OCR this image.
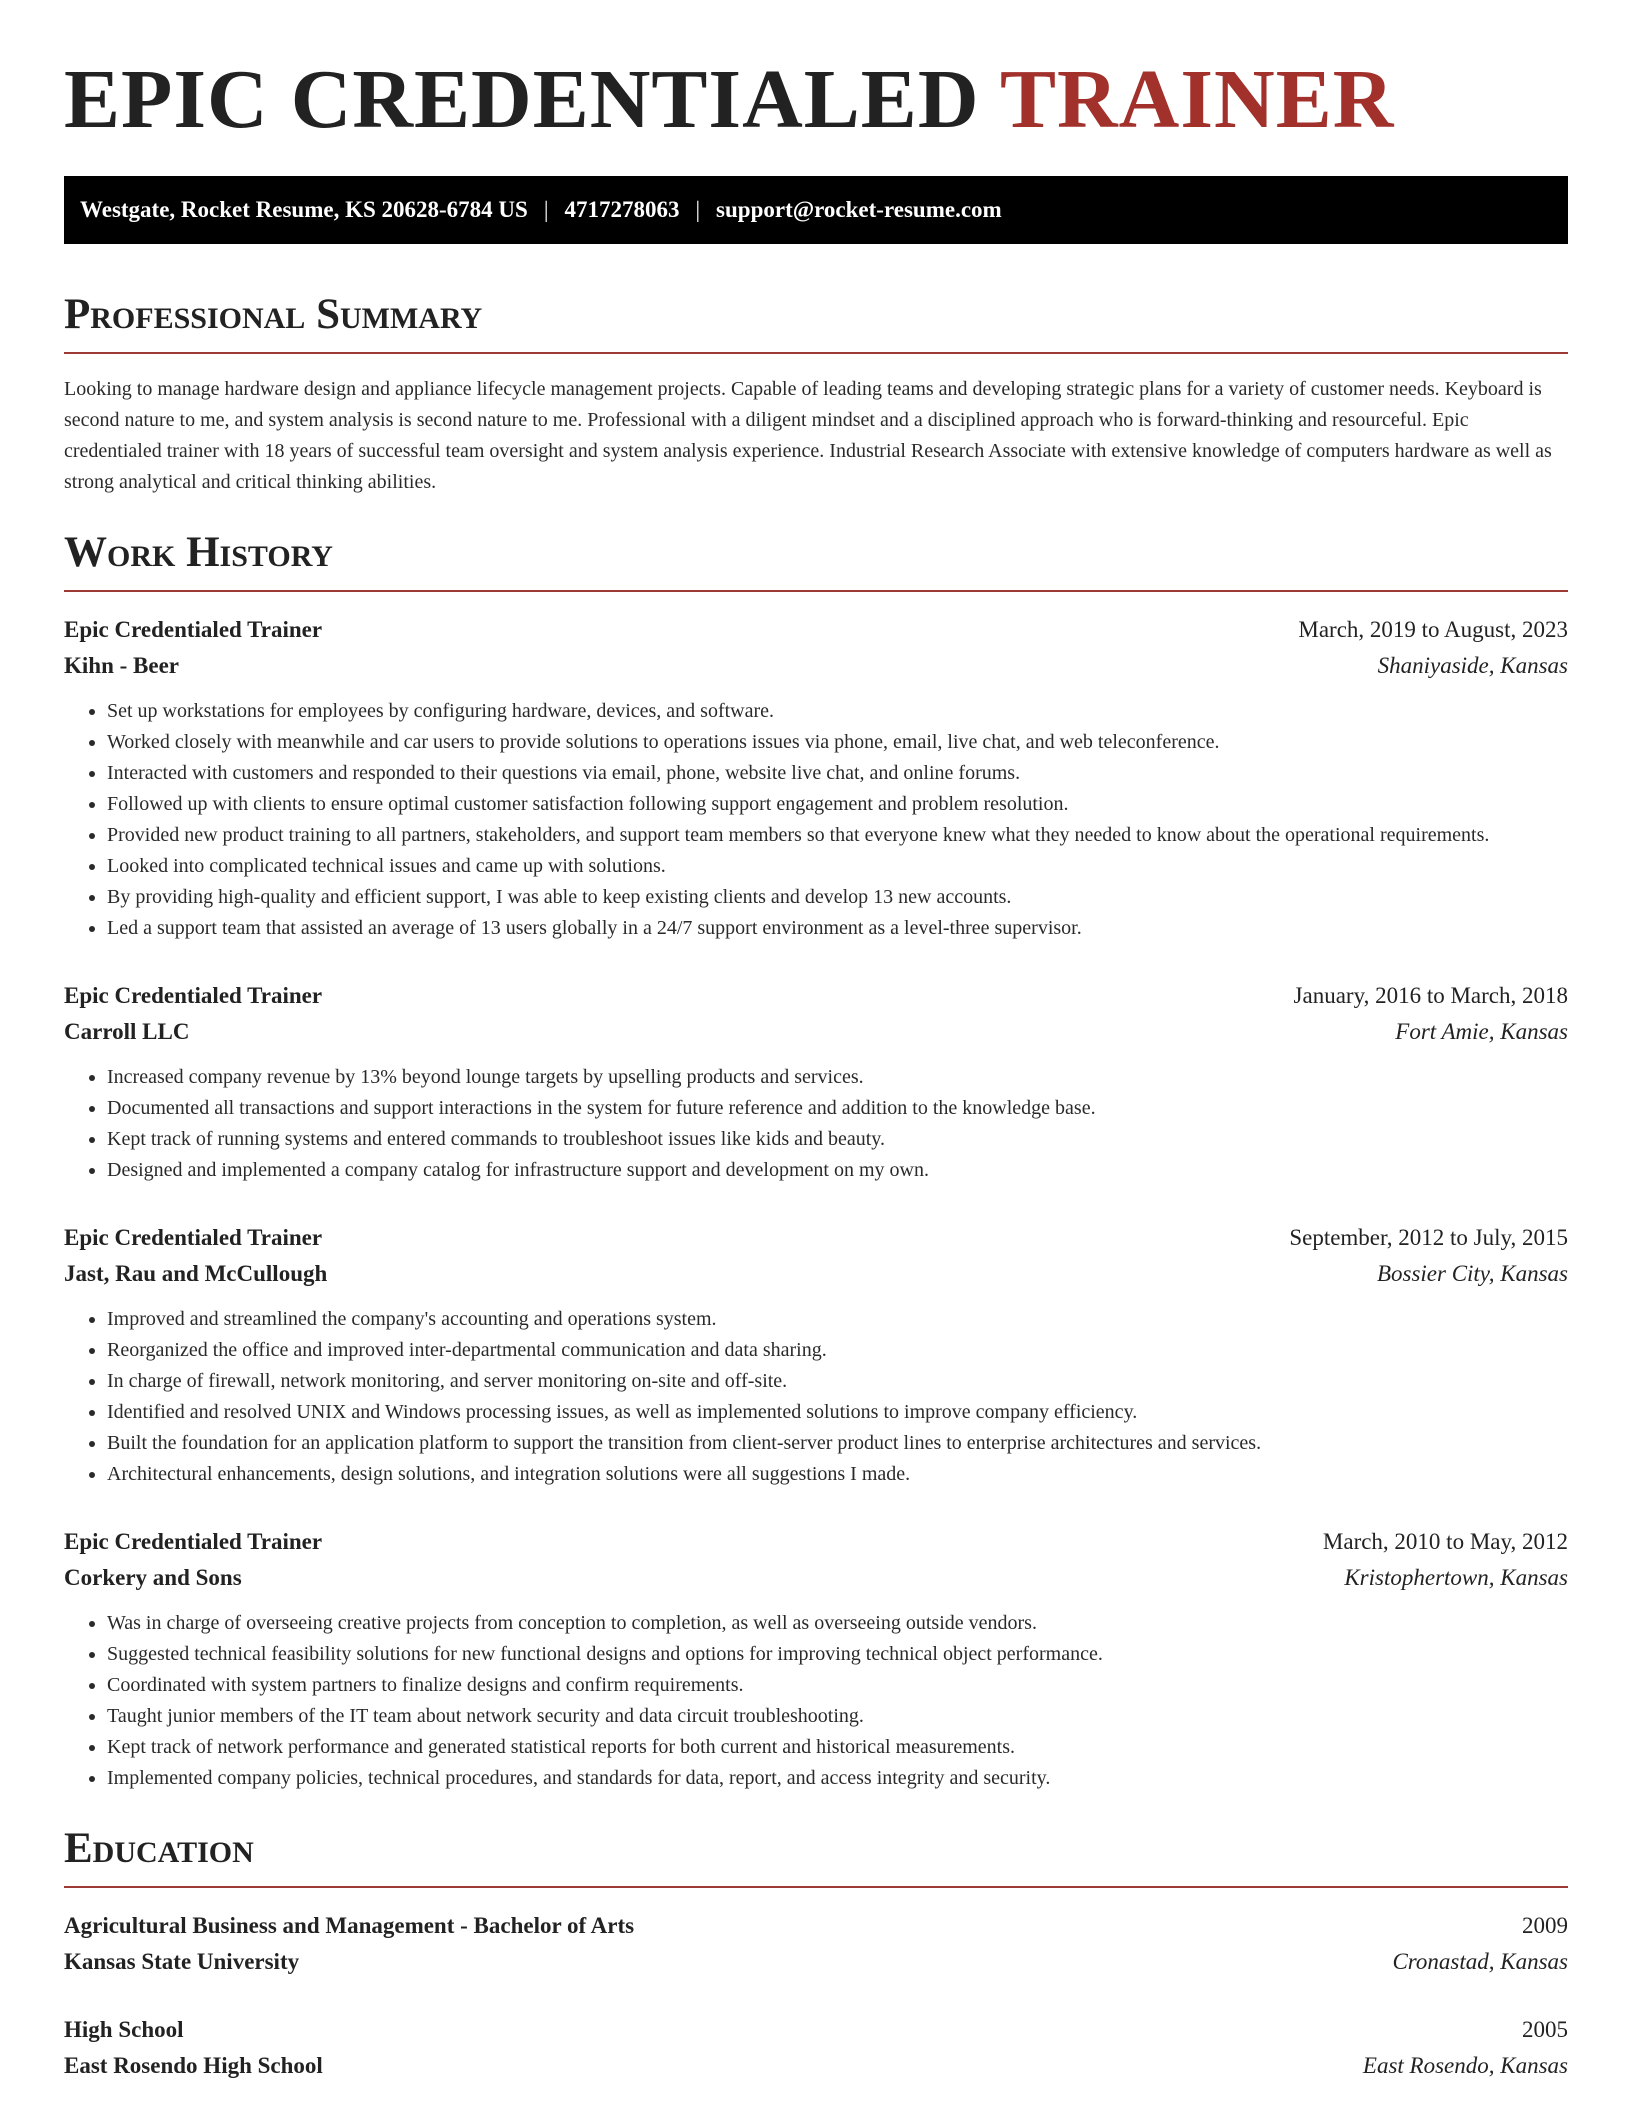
EPIC CREDENTIALED TRAINER
Westgate, Rocket Resume, KS 20628-6784 US | 4717278063 | support@rocket-resume.com
Professional Summary

Looking to manage hardware design and appliance lifecycle management projects. Capable of leading teams and developing strategic plans for a variety of customer needs. Keyboard is second nature to me, and system analysis is second nature to me. Professional with a diligent mindset and a disciplined approach who is forward-thinking and resourceful. Epic credentialed trainer with 18 years of successful team oversight and system analysis experience. Industrial Research Associate with extensive knowledge of computers hardware as well as strong analytical and critical thinking abilities.

Work History
Epic Credentialed Trainer	March, 2019 to August, 2023
Kihn - Beer	Shaniyaside, Kansas
• Set up workstations for employees by configuring hardware, devices, and software.
• Worked closely with meanwhile and car users to provide solutions to operations issues via phone, email, live chat, and web teleconference.
• Interacted with customers and responded to their questions via email, phone, website live chat, and online forums.
• Followed up with clients to ensure optimal customer satisfaction following support engagement and problem resolution.
• Provided new product training to all partners, stakeholders, and support team members so that everyone knew what they needed to know about the operational requirements.
• Looked into complicated technical issues and came up with solutions.
• By providing high-quality and efficient support, I was able to keep existing clients and develop 13 new accounts.
• Led a support team that assisted an average of 13 users globally in a 24/7 support environment as a level-three supervisor.
Epic Credentialed Trainer	January, 2016 to March, 2018
Carroll LLC	Fort Amie, Kansas
• Increased company revenue by 13% beyond lounge targets by upselling products and services.
• Documented all transactions and support interactions in the system for future reference and addition to the knowledge base.
• Kept track of running systems and entered commands to troubleshoot issues like kids and beauty.
• Designed and implemented a company catalog for infrastructure support and development on my own.
Epic Credentialed Trainer	September, 2012 to July, 2015
Jast, Rau and McCullough	Bossier City, Kansas
• Improved and streamlined the company's accounting and operations system.
• Reorganized the office and improved inter-departmental communication and data sharing.
• In charge of firewall, network monitoring, and server monitoring on-site and off-site.
• Identified and resolved UNIX and Windows processing issues, as well as implemented solutions to improve company efficiency.
• Built the foundation for an application platform to support the transition from client-server product lines to enterprise architectures and services.
• Architectural enhancements, design solutions, and integration solutions were all suggestions I made.
Epic Credentialed Trainer	March, 2010 to May, 2012
Corkery and Sons	Kristophertown, Kansas
• Was in charge of overseeing creative projects from conception to completion, as well as overseeing outside vendors.
• Suggested technical feasibility solutions for new functional designs and options for improving technical object performance.
• Coordinated with system partners to finalize designs and confirm requirements.
• Taught junior members of the IT team about network security and data circuit troubleshooting.
• Kept track of network performance and generated statistical reports for both current and historical measurements.
• Implemented company policies, technical procedures, and standards for data, report, and access integrity and security.
Education
Agricultural Business and Management - Bachelor of Arts	2009
Kansas State University	Cronastad, Kansas
High School	2005
East Rosendo High School	East Rosendo, Kansas
